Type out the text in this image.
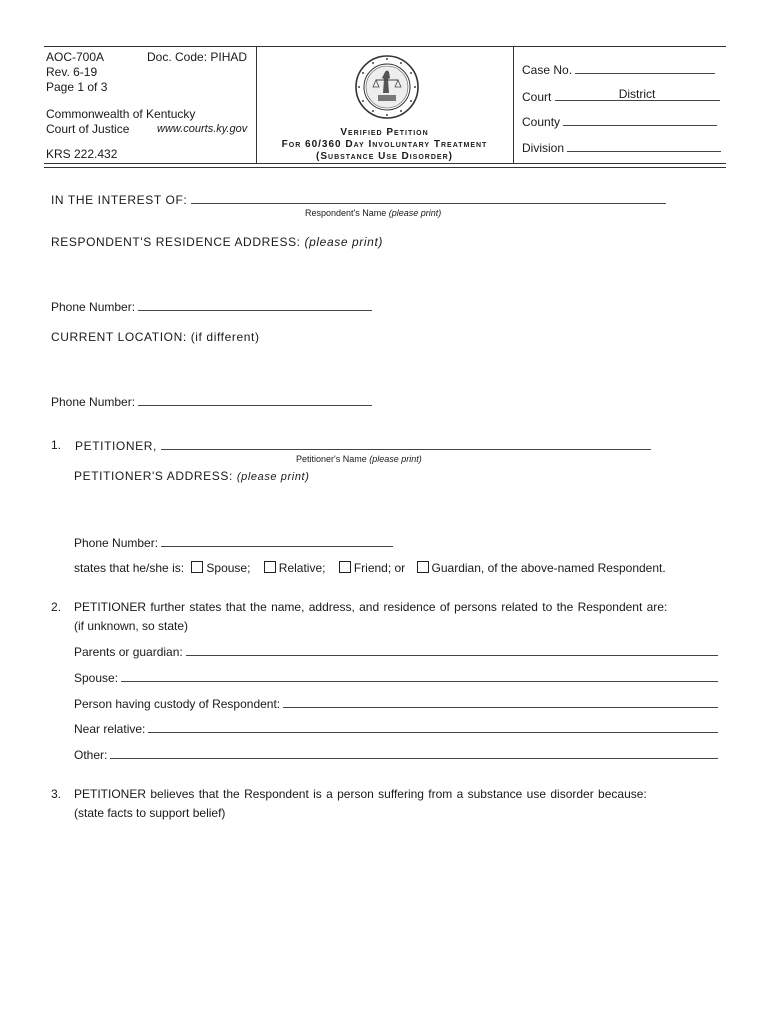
AOC-700A	Doc. Code: PIHAD
Rev. 6-19
Page 1 of 3
Commonwealth of Kentucky
Court of Justice	www.courts.ky.gov
KRS 222.432
Verified Petition
For 60/360 Day Involuntary Treatment
(Substance Use Disorder)
Case No.
Court	District
County
Division
IN THE INTEREST OF:
Respondent's Name (please print)
RESPONDENT'S RESIDENCE ADDRESS: (please print)
Phone Number:
CURRENT LOCATION: (if different)
Phone Number:
1. PETITIONER,
Petitioner's Name (please print)
PETITIONER'S ADDRESS: (please print)
Phone Number:
states that he/she is: Spouse; Relative; Friend; or Guardian, of the above-named Respondent.
2. PETITIONER further states that the name, address, and residence of persons related to the Respondent are:
(if unknown, so state)
Parents or guardian:
Spouse:
Person having custody of Respondent:
Near relative:
Other:
3. PETITIONER believes that the Respondent is a person suffering from a substance use disorder because:
(state facts to support belief)
